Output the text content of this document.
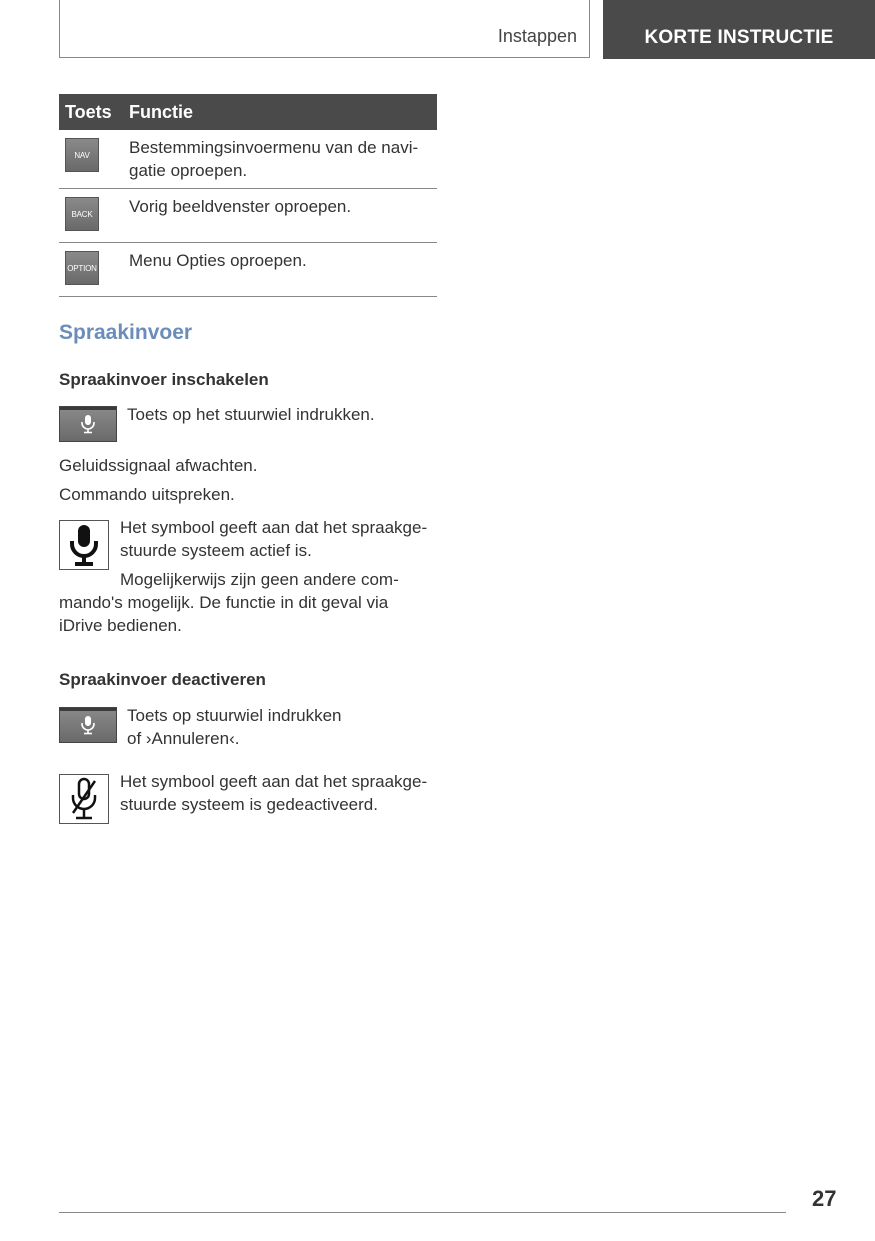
Instappen	KORTE INSTRUCTIE
Toets	Functie

NAV	Bestemmingsinvoermenu van de navi-
gatie oproepen.

BACK	Vorig beeldvenster oproepen.

OPTION	Menu Opties oproepen.
Spraakinvoer
Spraakinvoer inschakelen
Toets op het stuurwiel indrukken.
Geluidssignaal afwachten.
Commando uitspreken.
Het symbool geeft aan dat het spraakge-
stuurde systeem actief is.
Mogelijkerwijs zijn geen andere com-
mando's mogelijk. De functie in dit geval via
iDrive bedienen.
Spraakinvoer deactiveren
Toets op stuurwiel indrukken
of ›Annuleren‹.
Het symbool geeft aan dat het spraakge-
stuurde systeem is gedeactiveerd.
27
